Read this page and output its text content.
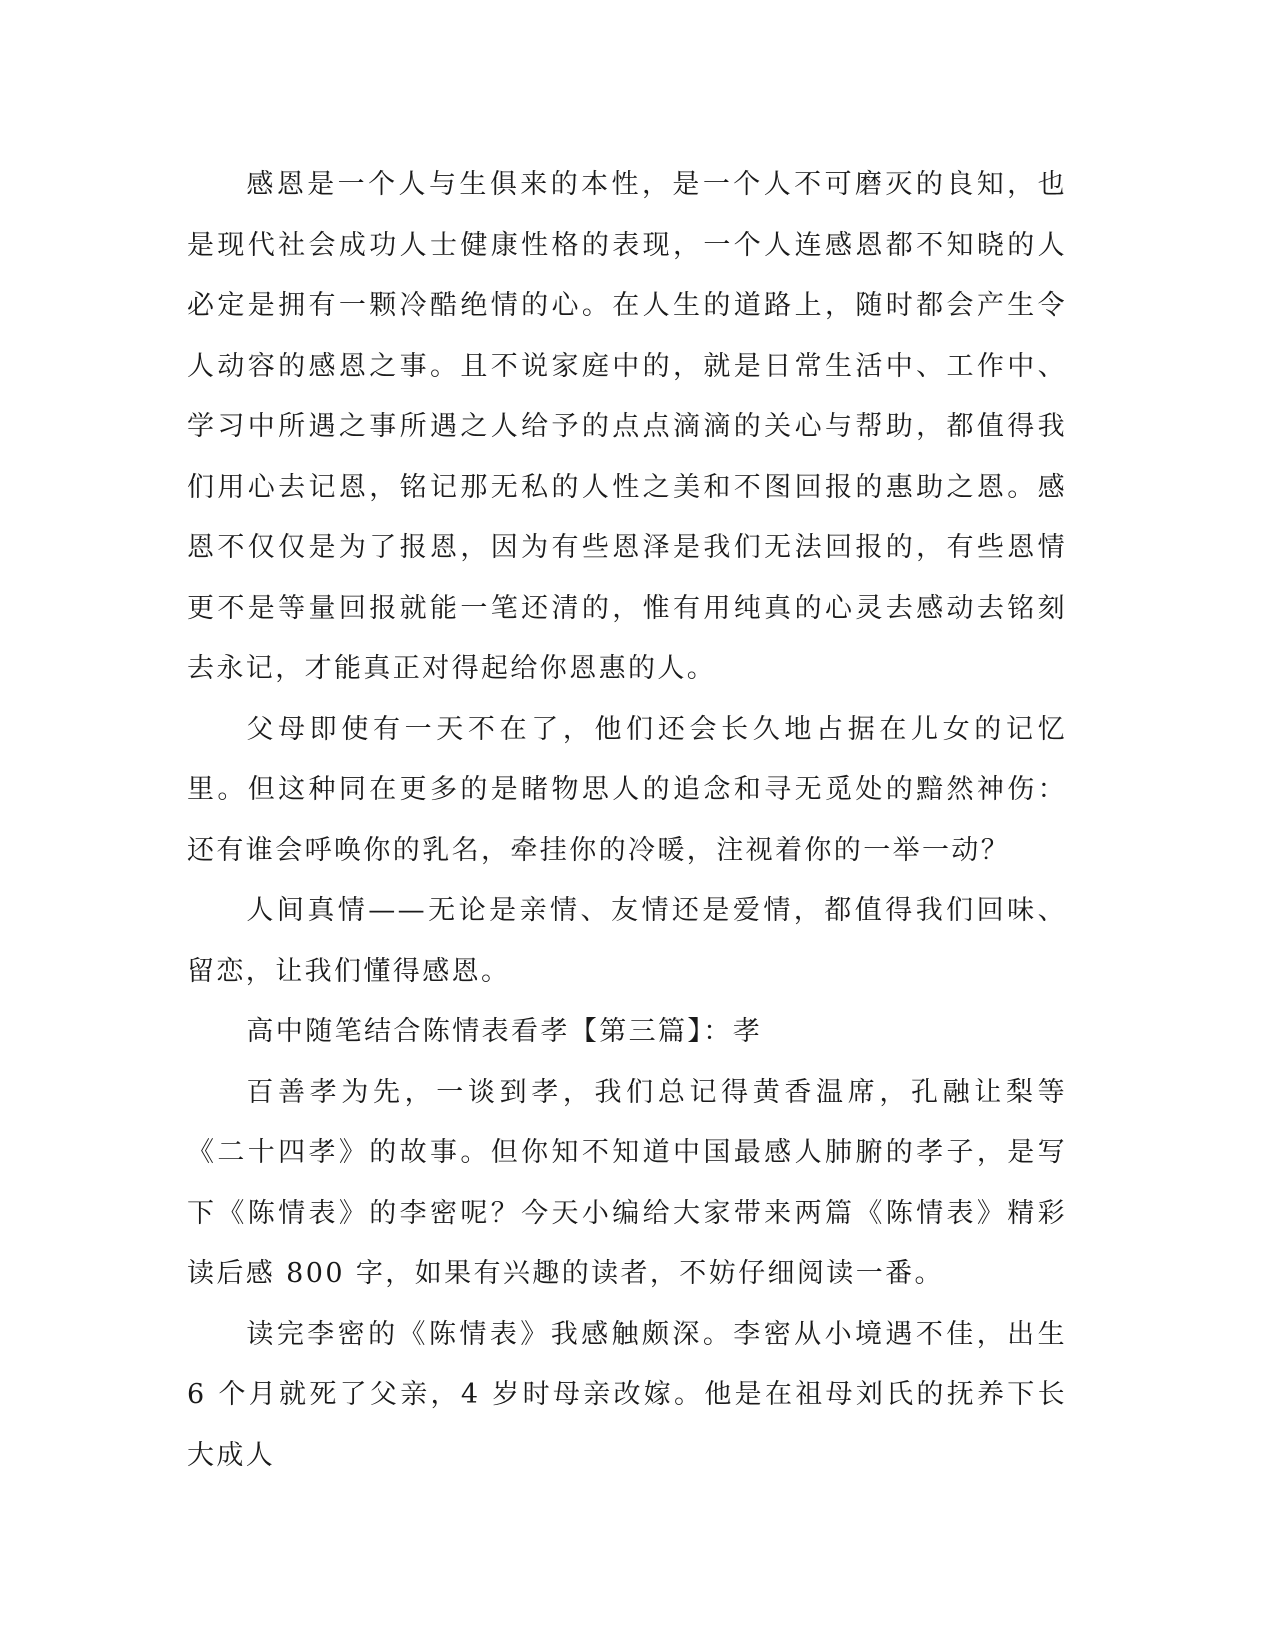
感恩是一个人与生俱来的本性，是一个人不可磨灭的良知，也是现代社会成功人士健康性格的表现，一个人连感恩都不知晓的人必定是拥有一颗冷酷绝情的心。在人生的道路上，随时都会产生令人动容的感恩之事。且不说家庭中的，就是日常生活中、工作中、学习中所遇之事所遇之人给予的点点滴滴的关心与帮助，都值得我们用心去记恩，铭记那无私的人性之美和不图回报的惠助之恩。感恩不仅仅是为了报恩，因为有些恩泽是我们无法回报的，有些恩情更不是等量回报就能一笔还清的，惟有用纯真的心灵去感动去铭刻去永记，才能真正对得起给你恩惠的人。

父母即使有一天不在了，他们还会长久地占据在儿女的记忆里。但这种同在更多的是睹物思人的追念和寻无觅处的黯然神伤：还有谁会呼唤你的乳名，牵挂你的冷暖，注视着你的一举一动？

人间真情——无论是亲情、友情还是爱情，都值得我们回味、留恋，让我们懂得感恩。

高中随笔结合陈情表看孝【第三篇】：孝

百善孝为先，一谈到孝，我们总记得黄香温席，孔融让梨等《二十四孝》的故事。但你知不知道中国最感人肺腑的孝子，是写下《陈情表》的李密呢？今天小编给大家带来两篇《陈情表》精彩读后感 800 字，如果有兴趣的读者，不妨仔细阅读一番。

读完李密的《陈情表》我感触颇深。李密从小境遇不佳，出生 6 个月就死了父亲，4 岁时母亲改嫁。他是在祖母刘氏的抚养下长大成人
